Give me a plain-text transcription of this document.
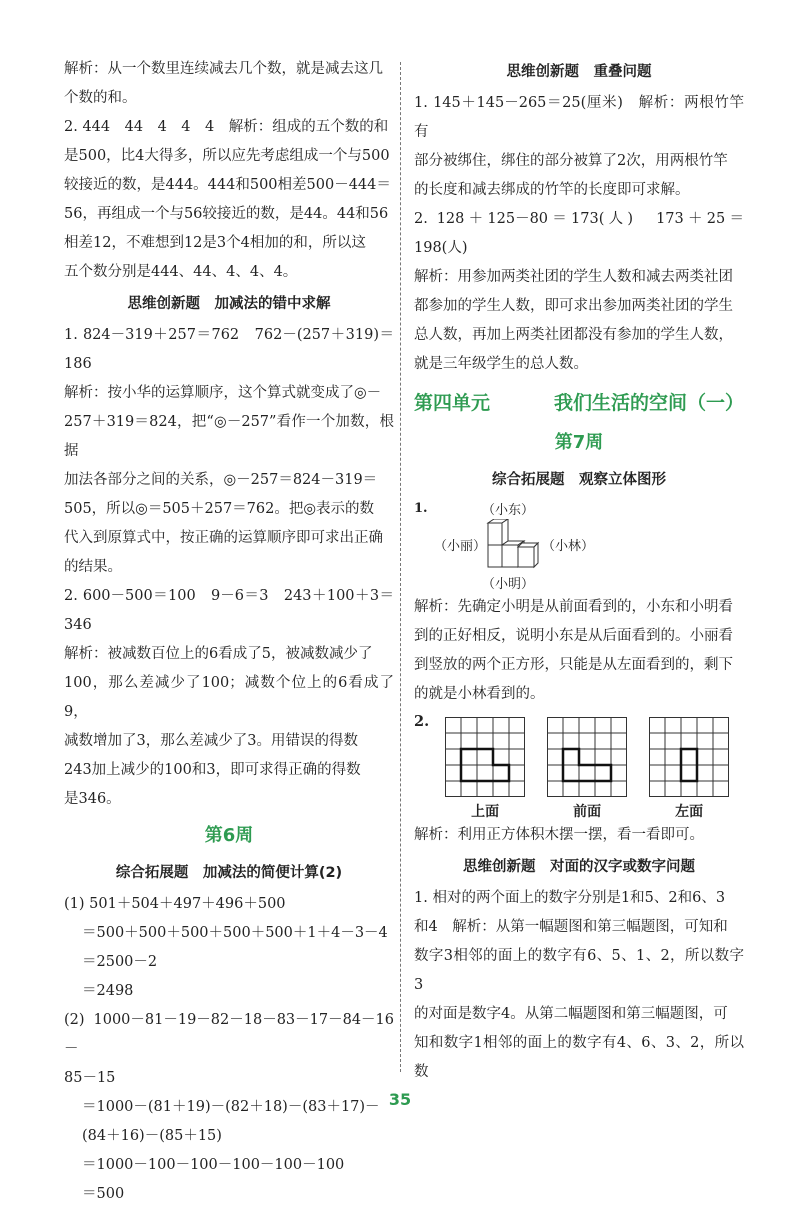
解析：从一个数里连续减去几个数，就是减去这几

个数的和。

2. 444　44　4　4　4　解析：组成的五个数的和

是500，比4大得多，所以应先考虑组成一个与500

较接近的数，是444。444和500相差500－444＝

56，再组成一个与56较接近的数，是44。44和56

相差12，不难想到12是3个4相加的和，所以这

五个数分别是444、44、4、4、4。

思维创新题　加减法的错中求解

1. 824－319＋257＝762　762－(257＋319)＝186

解析：按小华的运算顺序，这个算式就变成了◎－

257＋319＝824，把“◎－257”看作一个加数，根据

加法各部分之间的关系，◎－257＝824－319＝

505，所以◎＝505＋257＝762。把◎表示的数

代入到原算式中，按正确的运算顺序即可求出正确

的结果。

2. 600－500＝100　9－6＝3　243＋100＋3＝346

解析：被减数百位上的6看成了5，被减数减少了

100，那么差减少了100；减数个位上的6看成了9，

减数增加了3，那么差减少了3。用错误的得数

243加上减少的100和3，即可求得正确的得数

是346。

第6周
综合拓展题　加减法的简便计算(2)

(1) 501＋504＋497＋496＋500

＝500＋500＋500＋500＋500＋1＋4－3－4

＝2500－2

＝2498

(2) 1000－81－19－82－18－83－17－84－16－

85－15

＝1000－(81＋19)－(82＋18)－(83＋17)－

(84＋16)－(85＋15)

＝1000－100－100－100－100－100

＝500

思维创新题　重叠问题

1. 145＋145－265＝25(厘米)　解析：两根竹竿有

部分被绑住，绑住的部分被算了2次，用两根竹竿

的长度和减去绑成的竹竿的长度即可求解。

2. 128＋125－80＝173(人)　173＋25＝198(人)

解析：用参加两类社团的学生人数和减去两类社团

都参加的学生人数，即可求出参加两类社团的学生

总人数，再加上两类社团都没有参加的学生人数，

就是三年级学生的总人数。

第四单元	我们生活的空间（一）
第7周
综合拓展题　观察立体图形
1.	（小东）
（小丽）	（小林）
（小明）

解析：先确定小明是从前面看到的，小东和小明看

到的正好相反，说明小东是从后面看到的。小丽看

到竖放的两个正方形，只能是从左面看到的，剩下

的就是小林看到的。

2.
上面	前面	左面

解析：利用正方体积木摆一摆，看一看即可。

思维创新题　对面的汉字或数字问题

1. 相对的两个面上的数字分别是1和5、2和6、3

和4　解析：从第一幅题图和第三幅题图，可知和

数字3相邻的面上的数字有6、5、1、2，所以数字3

的对面是数字4。从第二幅题图和第三幅题图，可

知和数字1相邻的面上的数字有4、6、3、2，所以数

35
